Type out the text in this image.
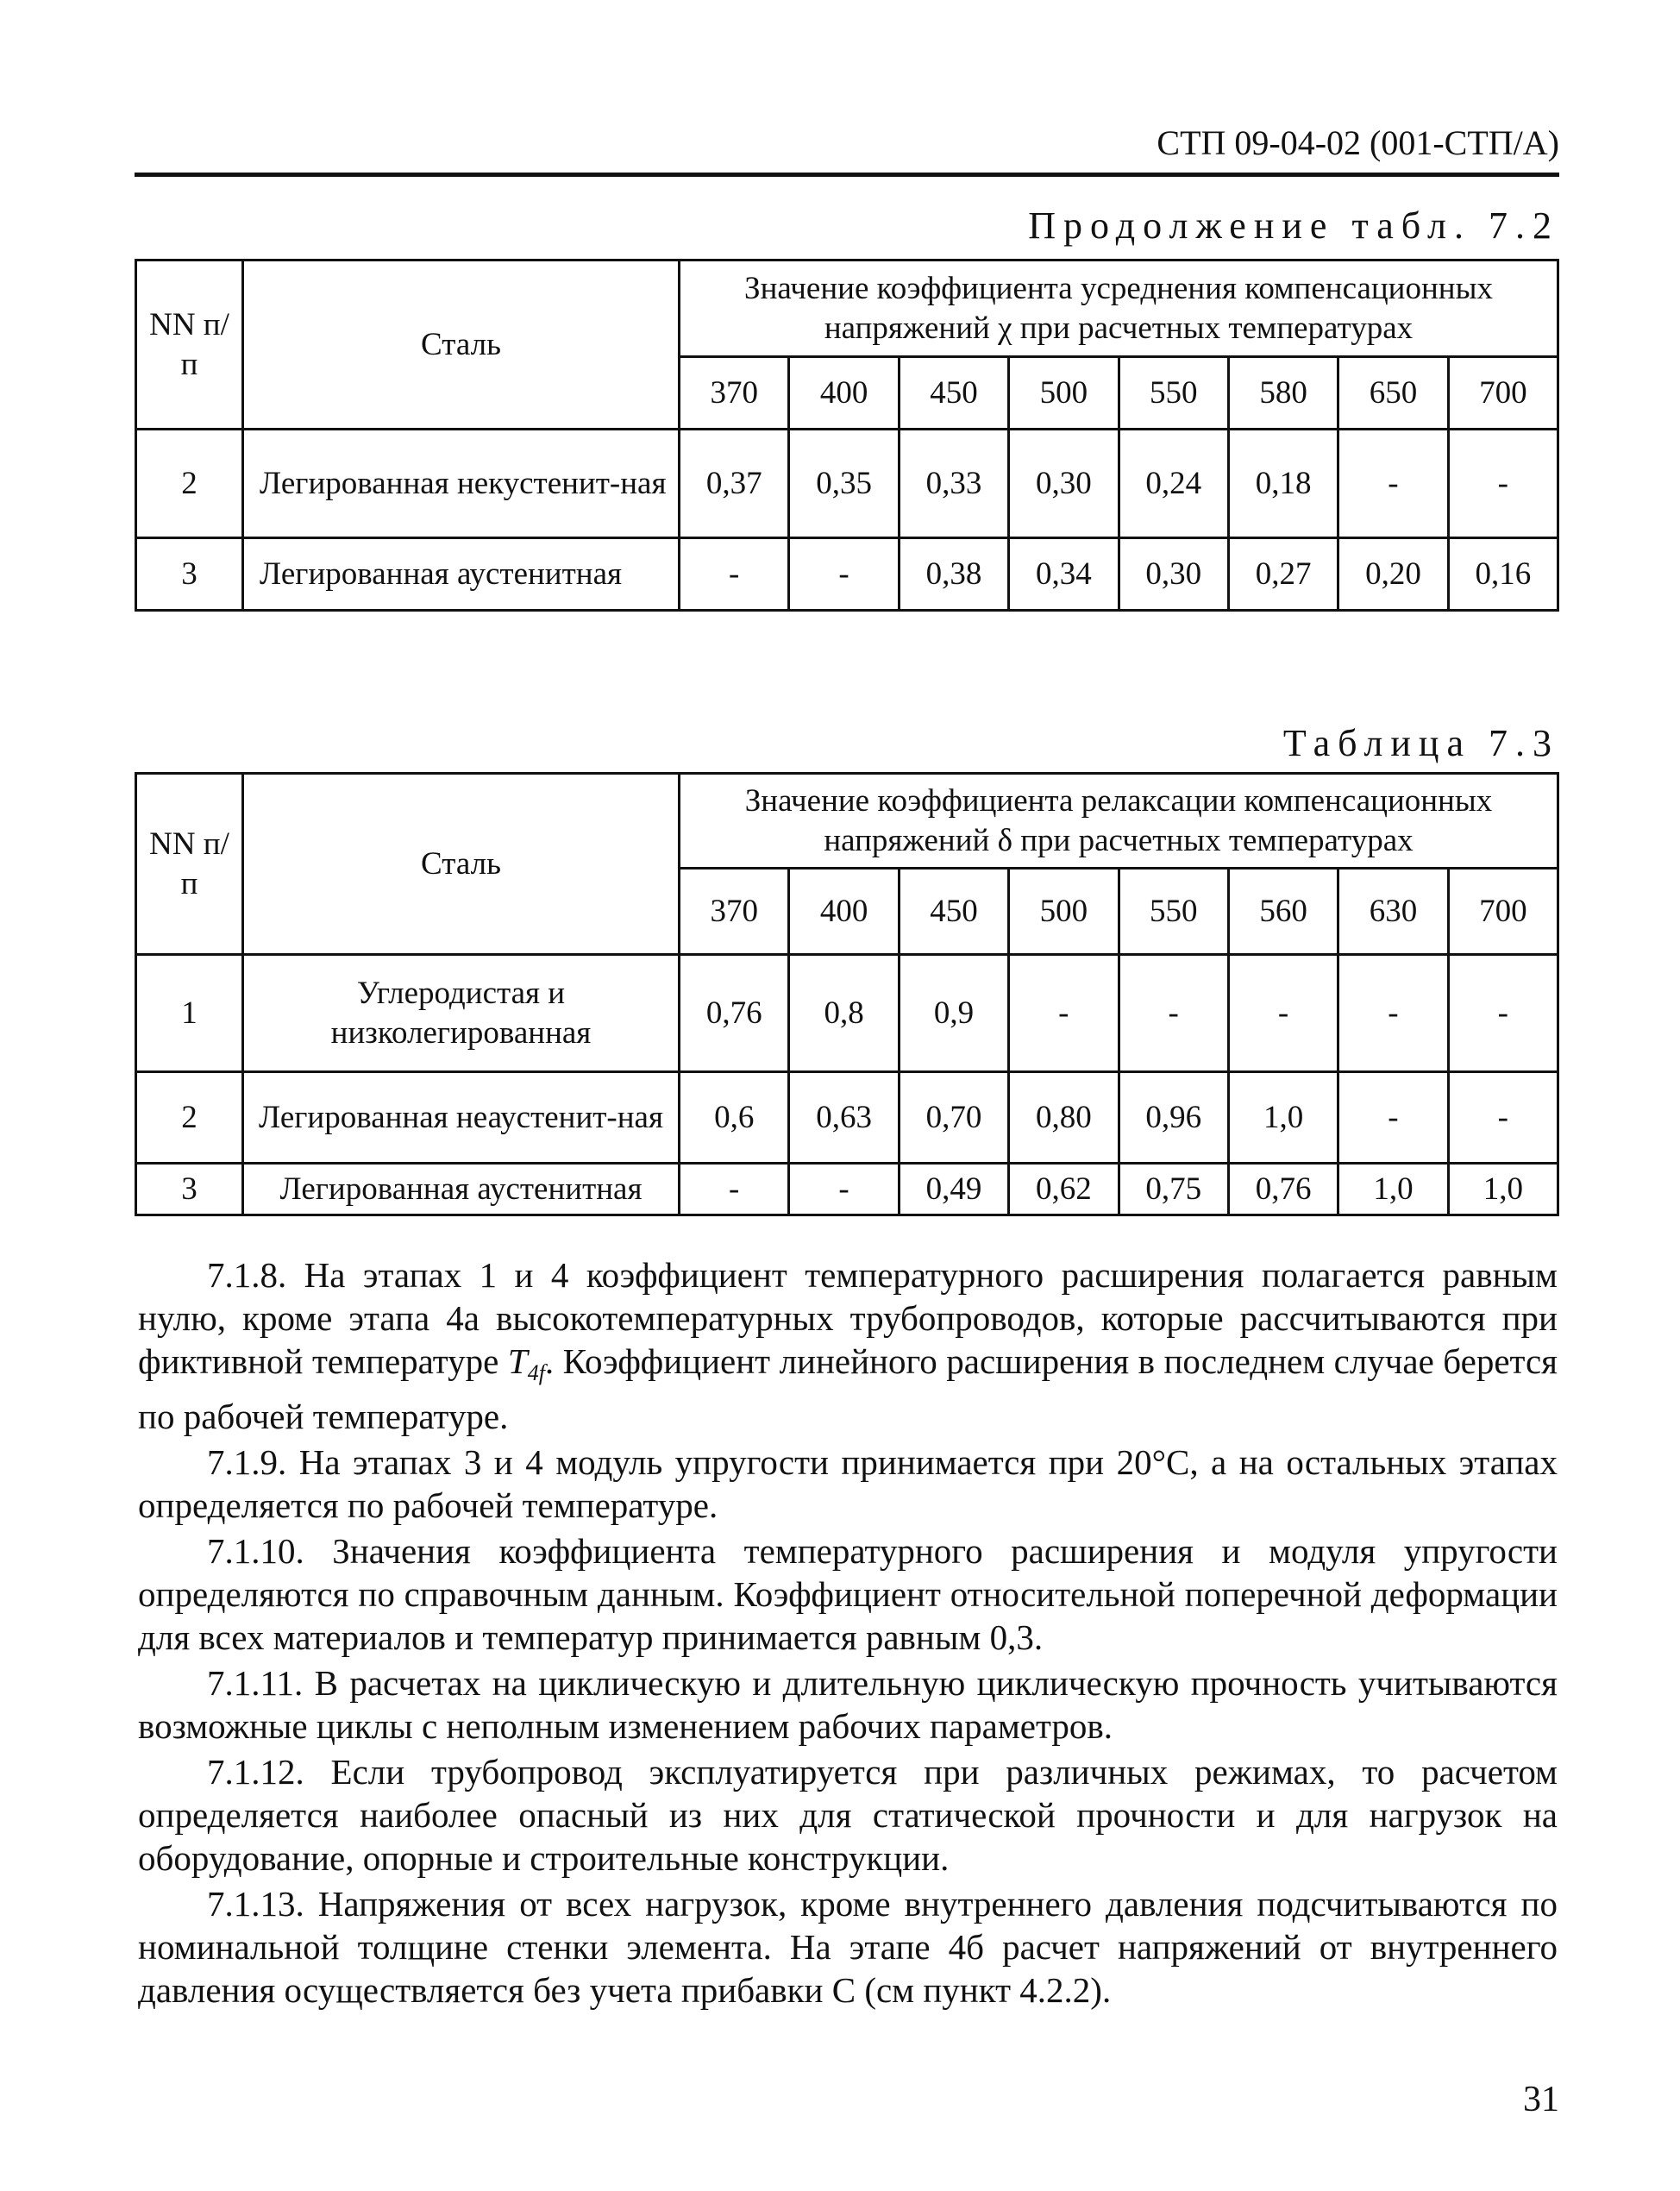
СТП 09-04-02 (001-СТП/А)
Продолжение табл. 7.2
NN п/п	Сталь	Значение коэффициента усреднения компенсационных напряжений χ при расчетных температурах							
		370	400	450	500	550	580	650	700
2	Легированная некустенит-ная	0,37	0,35	0,33	0,30	0,24	0,18	-	-
3	Легированная аустенитная	-	-	0,38	0,34	0,30	0,27	0,20	0,16
Таблица 7.3
NN п/п	Сталь	Значение коэффициента релаксации компенсационных напряжений δ при расчетных температурах							
		370	400	450	500	550	560	630	700
1	Углеродистая и низколегированная	0,76	0,8	0,9	-	-	-	-	-
2	Легированная неаустенит-ная	0,6	0,63	0,70	0,80	0,96	1,0	-	-
3	Легированная аустенитная	-	-	0,49	0,62	0,75	0,76	1,0	1,0

7.1.8. На этапах 1 и 4 коэффициент температурного расширения полагается равным нулю, кроме этапа 4а высокотемпературных трубопроводов, которые рассчитываются при фиктивной температуре $T_{4f}$. Коэффициент линейного расширения в последнем случае берется по рабочей температуре.

7.1.9. На этапах 3 и 4 модуль упругости принимается при 20°C, а на остальных этапах определяется по рабочей температуре.

7.1.10. Значения коэффициента температурного расширения и модуля упругости определяются по справочным данным. Коэффициент относительной поперечной деформации для всех материалов и температур принимается равным 0,3.

7.1.11. В расчетах на циклическую и длительную циклическую прочность учитываются возможные циклы с неполным изменением рабочих параметров.

7.1.12. Если трубопровод эксплуатируется при различных режимах, то расчетом определяется наиболее опасный из них для статической прочности и для нагрузок на оборудование, опорные и строительные конструкции.

7.1.13. Напряжения от всех нагрузок, кроме внутреннего давления подсчитываются по номинальной толщине стенки элемента. На этапе 4б расчет напряжений от внутреннего давления осуществляется без учета прибавки С (см пункт 4.2.2).

31
